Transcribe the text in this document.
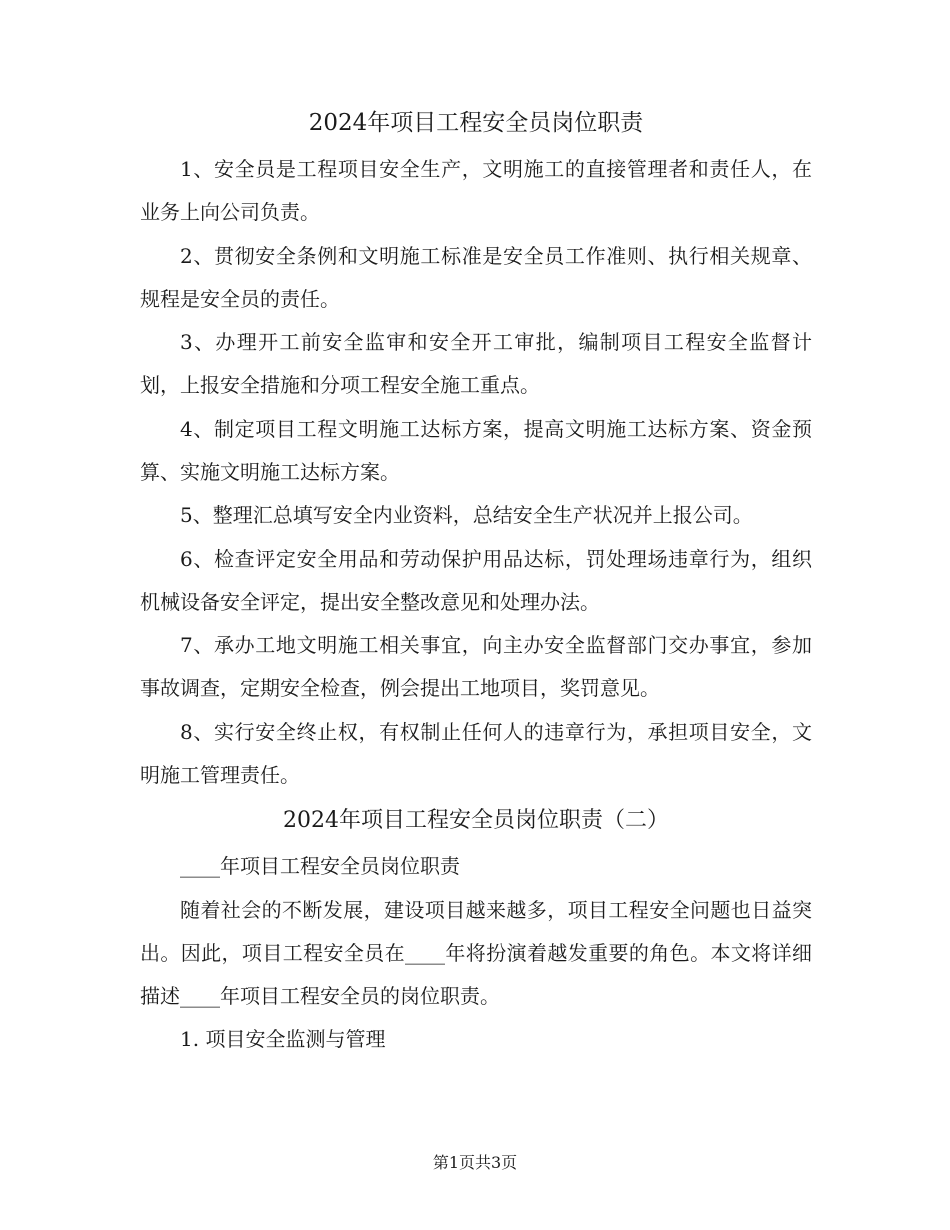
2024年项目工程安全员岗位职责

1、安全员是工程项目安全生产，文明施工的直接管理者和责任人，在业务上向公司负责。

2、贯彻安全条例和文明施工标准是安全员工作准则、执行相关规章、规程是安全员的责任。

3、办理开工前安全监审和安全开工审批，编制项目工程安全监督计划，上报安全措施和分项工程安全施工重点。

4、制定项目工程文明施工达标方案，提高文明施工达标方案、资金预算、实施文明施工达标方案。

5、整理汇总填写安全内业资料，总结安全生产状况并上报公司。

6、检查评定安全用品和劳动保护用品达标，罚处理场违章行为，组织机械设备安全评定，提出安全整改意见和处理办法。

7、承办工地文明施工相关事宜，向主办安全监督部门交办事宜，参加事故调查，定期安全检查，例会提出工地项目，奖罚意见。

8、实行安全终止权，有权制止任何人的违章行为，承担项目安全，文明施工管理责任。

2024年项目工程安全员岗位职责（二）

____年项目工程安全员岗位职责

随着社会的不断发展，建设项目越来越多，项目工程安全问题也日益突出。因此，项目工程安全员在____年将扮演着越发重要的角色。本文将详细描述____年项目工程安全员的岗位职责。

1. 项目安全监测与管理

第1页共3页
